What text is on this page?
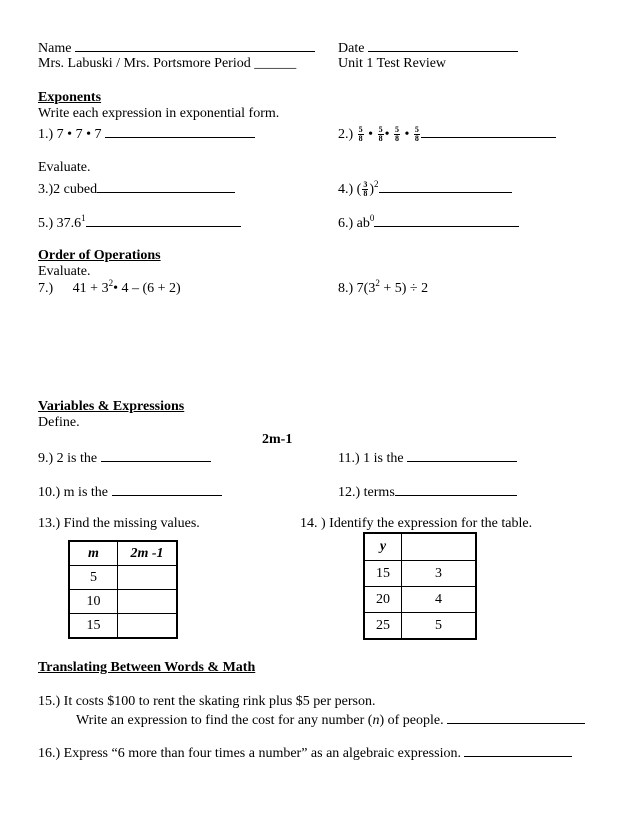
Name
Mrs. Labuski / Mrs. Portsmore Period ______
Date
Unit 1 Test Review
Exponents
Write each expression in exponential form.
1.) 7 • 7 • 7	$2.) \frac{5}{8}$ • $\frac{5}{8}$ • $\frac{5}{8}$ • $\frac{5}{8}$
Evaluate.
3.)2 cubed	4.) ( $\frac{3}{8} )^2$
5.) 37.6$^1$	6.) $ab^0$
Order of Operations
Evaluate.
7.) $41 + 3^2•$ 4 – (6 + 2)	8.) $7(3^2 + 5) \div 2$
Variables & Expressions
Define.
2m-1
9.) 2 is the	11.) 1 is the
10.) m is the	12.) terms
13.) Find the missing values.	14. ) Identify the expression for the table.
m	2m -1
5	
10	
15	
y	
15	3
20	4
25	5
Translating Between Words & Math
15.) It costs $100 to rent the skating rink plus $5 per person.
Write an expression to find the cost for any number (n) of people.
16.) Express “6 more than four times a number” as an algebraic expression.
